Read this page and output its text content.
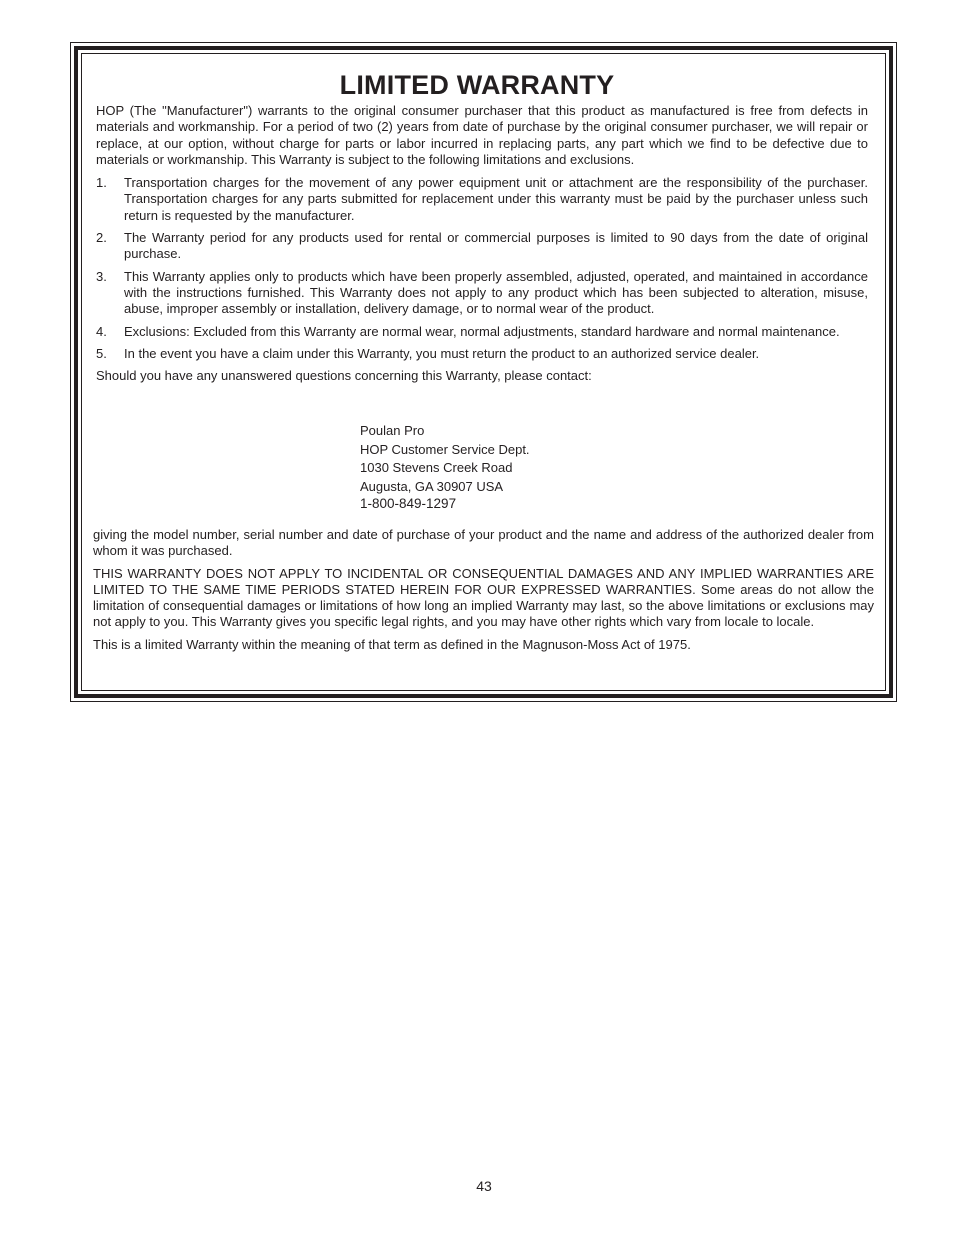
LIMITED WARRANTY

HOP (The "Manufacturer") warrants to the original consumer purchaser that this product as manufactured is free from defects in materials and workmanship. For a period of two (2) years from date of purchase by the original consumer purchaser, we will repair or replace, at our option, without charge for parts or labor incurred in replacing parts, any part which we find to be defective due to materials or workmanship. This Warranty is subject to the following limitations and exclusions.

1. Transportation charges for the movement of any power equipment unit or attachment are the responsibility of the purchaser. Transportation charges for any parts submitted for replacement under this warranty must be paid by the purchaser unless such return is requested by the manufacturer.
2. The Warranty period for any products used for rental or commercial purposes is limited to 90 days from the date of original purchase.
3. This Warranty applies only to products which have been properly assembled, adjusted, operated, and maintained in accordance with the instructions furnished. This Warranty does not apply to any product which has been subjected to alteration, misuse, abuse, improper assembly or installation, delivery damage, or to normal wear of the product.
4. Exclusions: Excluded from this Warranty are normal wear, normal adjustments, standard hardware and normal maintenance.
5. In the event you have a claim under this Warranty, you must return the product to an authorized service dealer.

Should you have any unanswered questions concerning this Warranty, please contact:

Poulan Pro
HOP Customer Service Dept.
1030 Stevens Creek Road
Augusta, GA 30907 USA
1-800-849-1297

giving the model number, serial number and date of purchase of your product and the name and address of the authorized dealer from whom it was purchased.

THIS WARRANTY DOES NOT APPLY TO INCIDENTAL OR CONSEQUENTIAL DAMAGES AND ANY IMPLIED WARRANTIES ARE LIMITED TO THE SAME TIME PERIODS STATED HEREIN FOR OUR EXPRESSED WARRANTIES. Some areas do not allow the limitation of consequential damages or limitations of how long an implied Warranty may last, so the above limitations or exclusions may not apply to you. This Warranty gives you specific legal rights, and you may have other rights which vary from locale to locale.

This is a limited Warranty within the meaning of that term as defined in the Magnuson-Moss Act of 1975.

43
